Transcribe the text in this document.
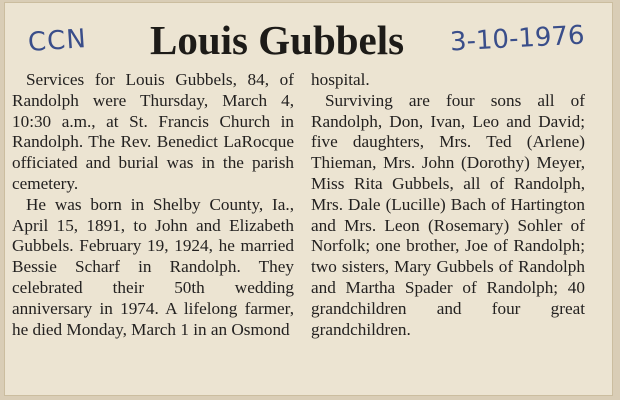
CCN Louis Gubbels 3-10-1976

Services for Louis Gubbels, 84, of Randolph were Thursday, March 4, 10:30 a.m., at St. Francis Church in Randolph. The Rev. Benedict LaRocque officiated and burial was in the parish cemetery.

He was born in Shelby County, Ia., April 15, 1891, to John and Elizabeth Gubbels. February 19, 1924, he married Bessie Scharf in Randolph. They celebrated their 50th wedding anniversary in 1974. A lifelong farmer, he died Monday, March 1 in an Osmond

hospital.

Surviving are four sons all of Randolph, Don, Ivan, Leo and David; five daughters, Mrs. Ted (Arlene) Thieman, Mrs. John (Dorothy) Meyer, Miss Rita Gubbels, all of Randolph, Mrs. Dale (Lucille) Bach of Hartington and Mrs. Leon (Rosemary) Sohler of Norfolk; one brother, Joe of Randolph; two sisters, Mary Gubbels of Randolph and Martha Spader of Randolph; 40 grandchildren and four great grandchildren.
